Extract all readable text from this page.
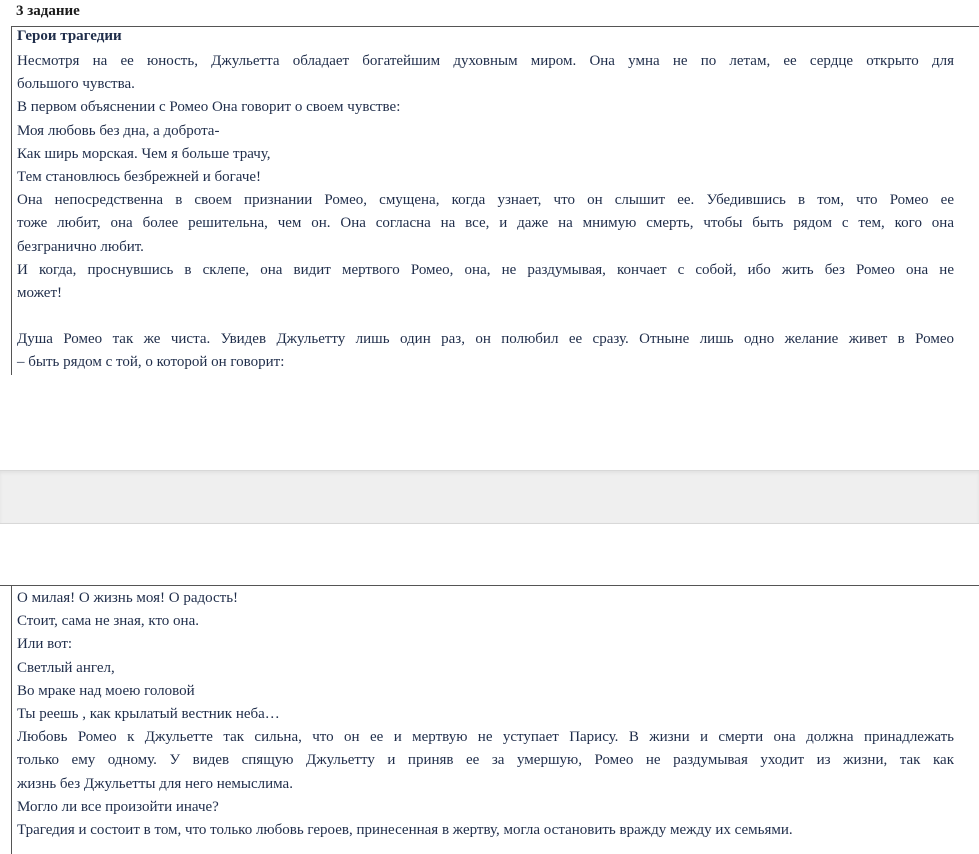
3 задание
Герои трагедии
Несмотря на ее юность, Джульетта обладает богатейшим духовным миром. Она умна не по летам, ее сердце открыто для
большого чувства.
В первом объяснении с Ромео Она говорит о своем чувстве:
Моя любовь без дна, а доброта-
Как ширь морская. Чем я больше трачу,
Тем становлюсь безбрежней и богаче!
Она непосредственна в своем признании Ромео, смущена, когда узнает, что он слышит ее. Убедившись в том, что Ромео ее
тоже любит, она более решительна, чем он. Она согласна на все, и даже на мнимую смерть, чтобы быть рядом с тем, кого она
безгранично любит.
И когда, проснувшись в склепе, она видит мертвого Ромео, она, не раздумывая, кончает с собой, ибо жить без Ромео она не
может!
Душа Ромео так же чиста. Увидев Джульетту лишь один раз, он полюбил ее сразу. Отныне лишь одно желание живет в Ромео
– быть рядом с той, о которой он говорит:
О милая! О жизнь моя! О радость!
Стоит, сама не зная, кто она.
Или вот:
Светлый ангел,
Во мраке над моею головой
Ты реешь , как крылатый вестник неба…
Любовь Ромео к Джульетте так сильна, что он ее и мертвую не уступает Парису. В жизни и смерти она должна принадлежать
только ему одному. У видев спящую Джульетту и приняв ее за умершую, Ромео не раздумывая уходит из жизни, так как
жизнь без Джульетты для него немыслима.
Могло ли все произойти иначе?
Трагедия и состоит в том, что только любовь героев, принесенная в жертву, могла остановить вражду между их семьями.
